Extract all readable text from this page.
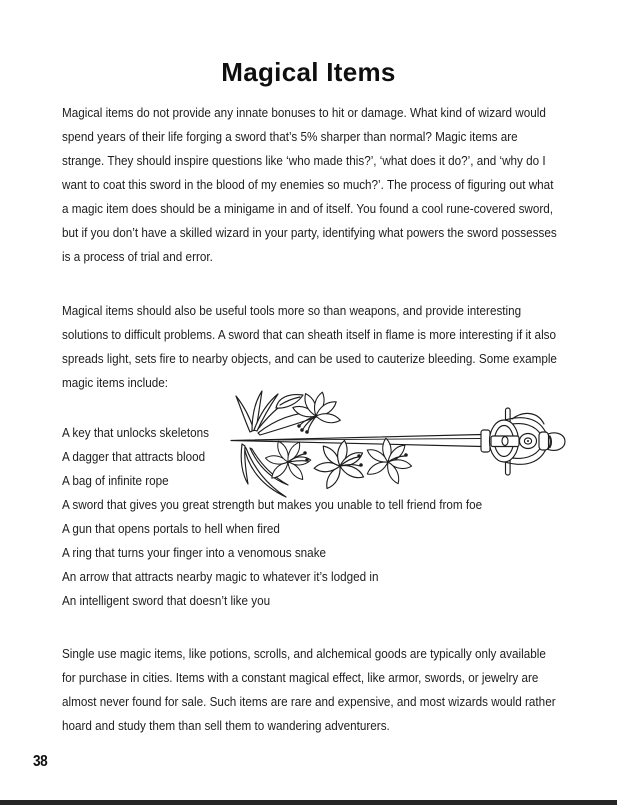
Magical Items

Magical items do not provide any innate bonuses to hit or damage. What kind of wizard would spend years of their life forging a sword that’s 5% sharper than normal? Magic items are strange. They should inspire questions like ‘who made this?’, ‘what does it do?’, and ‘why do I want to coat this sword in the blood of my enemies so much?’. The process of figuring out what a magic item does should be a minigame in and of itself. You found a cool rune-covered sword, but if you don’t have a skilled wizard in your party, identifying what powers the sword possesses is a process of trial and error.

Magical items should also be useful tools more so than weapons, and provide interesting solutions to difficult problems. A sword that can sheath itself in flame is more interesting if it also spreads light, sets fire to nearby objects, and can be used to cauterize bleeding. Some example magic items include:

A key that unlocks skeletons
A dagger that attracts blood
A bag of infinite rope
A sword that gives you great strength but makes you unable to tell friend from foe
A gun that opens portals to hell when fired
A ring that turns your finger into a venomous snake
An arrow that attracts nearby magic to whatever it’s lodged in
An intelligent sword that doesn’t like you

Single use magic items, like potions, scrolls, and alchemical goods are typically only available for purchase in cities. Items with a constant magical effect, like armor, swords, or jewelry are almost never found for sale. Such items are rare and expensive, and most wizards would rather hoard and study them than sell them to wandering adventurers.

38
